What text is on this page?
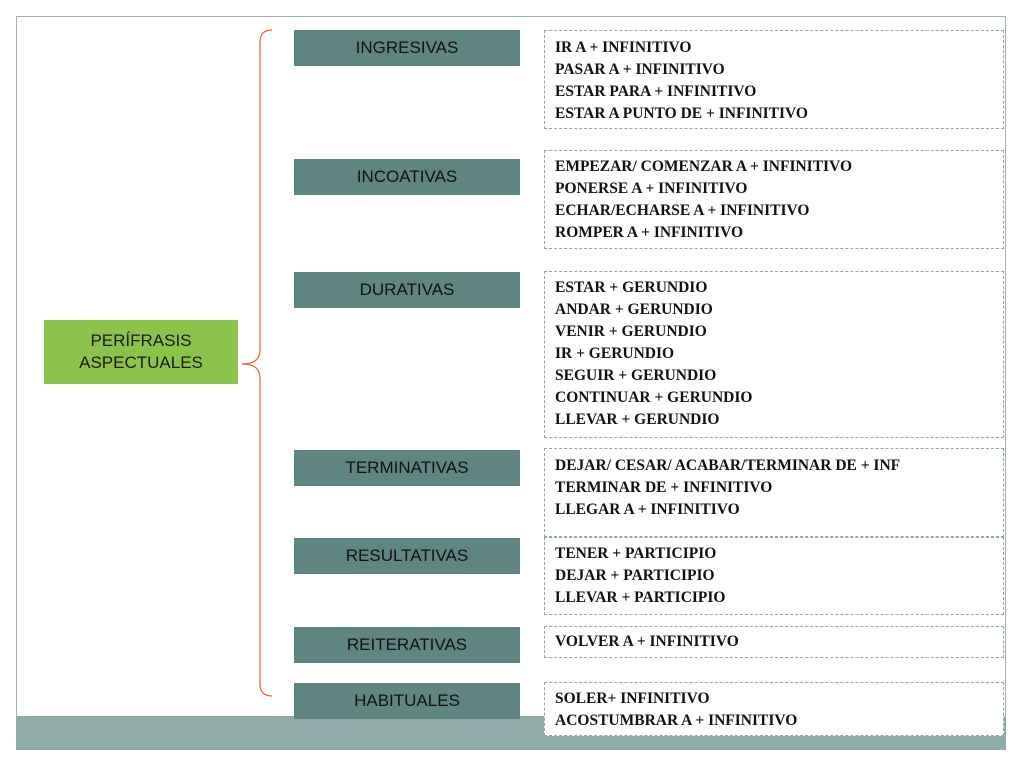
PERÍFRASIS
ASPECTUALES
INGRESIVAS	IR A + INFINITIVO
PASAR A + INFINITIVO
ESTAR PARA + INFINITIVO
ESTAR A PUNTO DE + INFINITIVO
INCOATIVAS
EMPEZAR/ COMENZAR A + INFINITIVO
PONERSE A + INFINITIVO
ECHAR/ECHARSE A + INFINITIVO
ROMPER A + INFINITIVO
DURATIVAS	ESTAR + GERUNDIO
ANDAR + GERUNDIO
VENIR + GERUNDIO
IR + GERUNDIO
SEGUIR + GERUNDIO
CONTINUAR + GERUNDIO
LLEVAR + GERUNDIO
TERMINATIVAS	DEJAR/ CESAR/ ACABAR/TERMINAR DE + INF
TERMINAR DE + INFINITIVO
LLEGAR A + INFINITIVO
RESULTATIVAS	TENER + PARTICIPIO
DEJAR + PARTICIPIO
LLEVAR + PARTICIPIO
REITERATIVAS	VOLVER A + INFINITIVO
HABITUALES	SOLER+ INFINITIVO
ACOSTUMBRAR A + INFINITIVO
